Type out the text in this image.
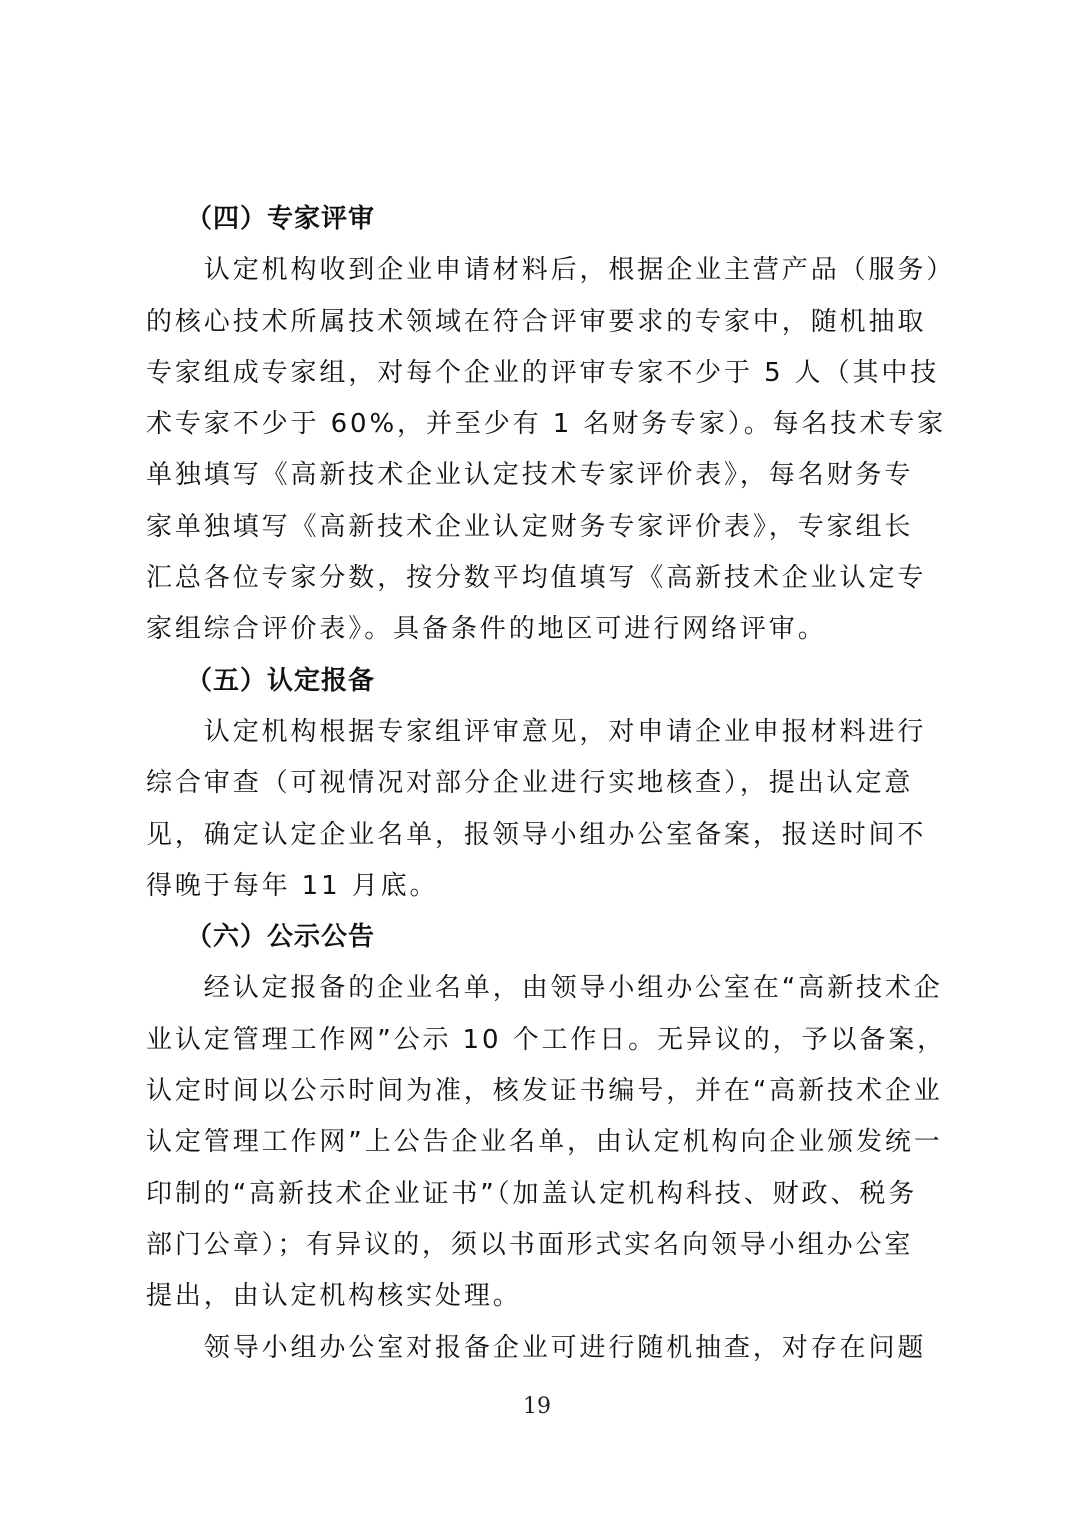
（四）专家评审
　　认定机构收到企业申请材料后，根据企业主营产品（服务）
的核心技术所属技术领域在符合评审要求的专家中，随机抽取
专家组成专家组，对每个企业的评审专家不少于 5 人（其中技
术专家不少于 60%，并至少有 1 名财务专家）。每名技术专家
单独填写《高新技术企业认定技术专家评价表》，每名财务专
家单独填写《高新技术企业认定财务专家评价表》，专家组长
汇总各位专家分数，按分数平均值填写《高新技术企业认定专
家组综合评价表》。具备条件的地区可进行网络评审。
（五）认定报备
　　认定机构根据专家组评审意见，对申请企业申报材料进行
综合审查（可视情况对部分企业进行实地核查），提出认定意
见，确定认定企业名单，报领导小组办公室备案，报送时间不
得晚于每年 11 月底。
（六）公示公告
　　经认定报备的企业名单，由领导小组办公室在“高新技术企
业认定管理工作网”公示 10 个工作日。无异议的，予以备案，
认定时间以公示时间为准，核发证书编号，并在“高新技术企业
认定管理工作网”上公告企业名单，由认定机构向企业颁发统一
印制的“高新技术企业证书”（加盖认定机构科技、财政、税务
部门公章）；有异议的，须以书面形式实名向领导小组办公室
提出，由认定机构核实处理。
　　领导小组办公室对报备企业可进行随机抽查，对存在问题
19
